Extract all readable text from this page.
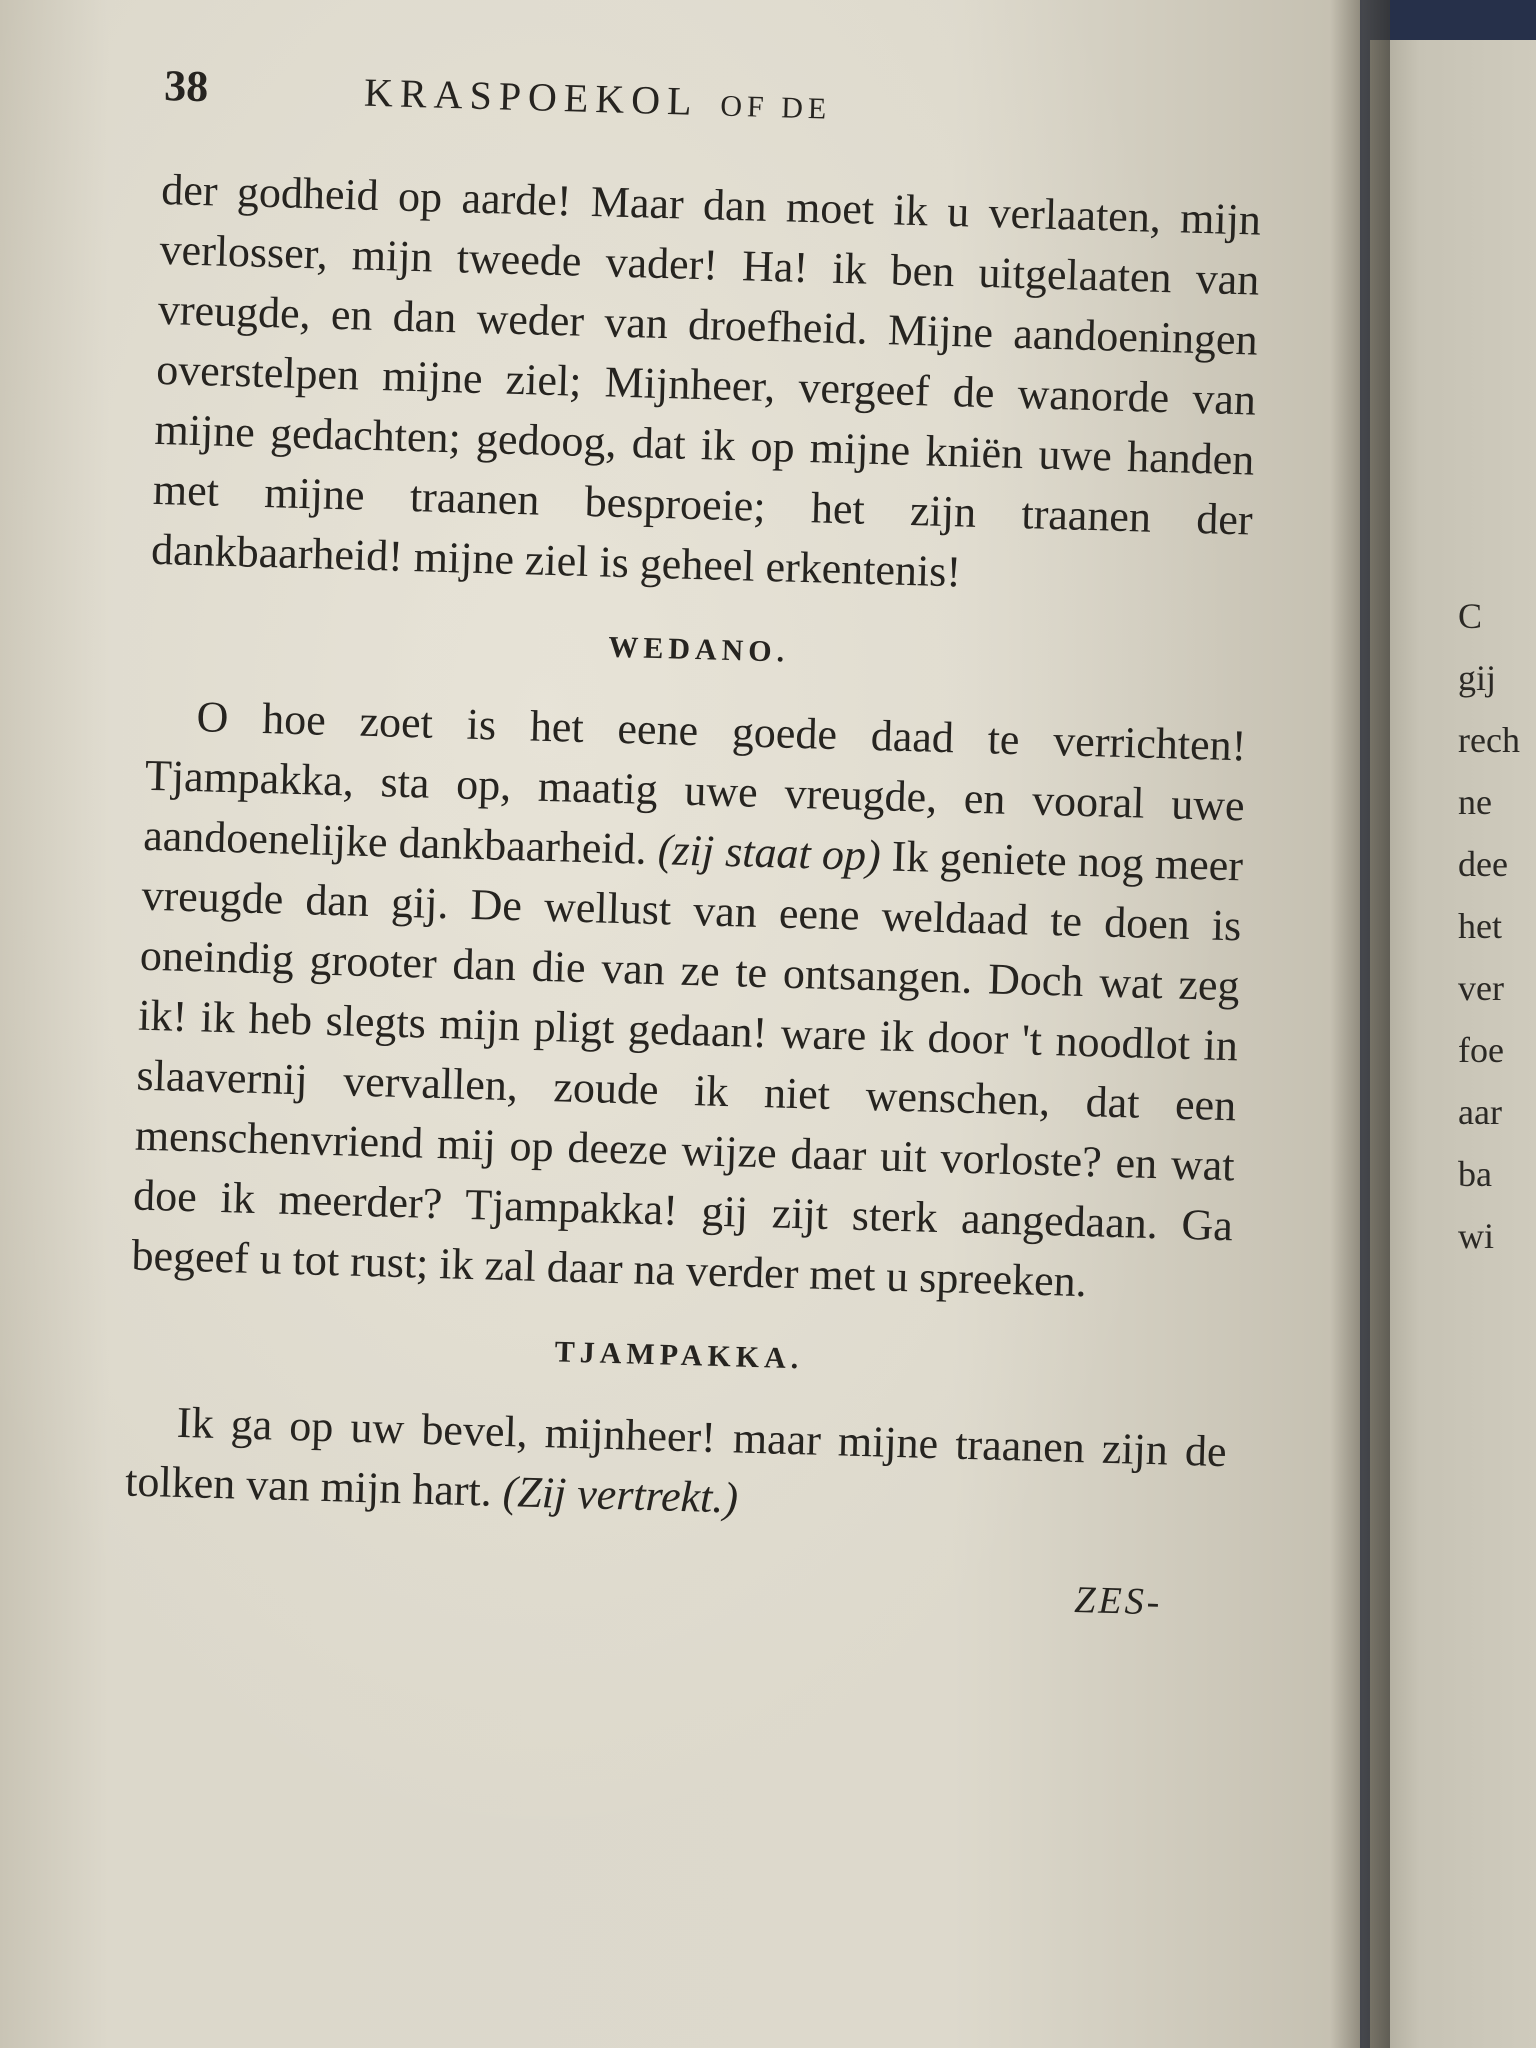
38	KRASPOEKOL OF DE

der godheid op aarde! Maar dan moet ik u verlaaten, mijn verlosser, mijn tweede vader! Ha! ik ben uitgelaaten van vreugde, en dan weder van droefheid. Mijne aandoeningen overstelpen mijne ziel; Mijnheer, vergeef de wanorde van mijne gedachten; gedoog, dat ik op mijne kniën uwe handen met mijne traanen besproeie; het zijn traanen der dankbaarheid! mijne ziel is geheel erkentenis!

WEDANO.

O hoe zoet is het eene goede daad te verrichten! Tjampakka, sta op, maatig uwe vreugde, en vooral uwe aandoenelijke dankbaarheid. (zij staat op) Ik geniete nog meer vreugde dan gij. De wellust van eene weldaad te doen is oneindig grooter dan die van ze te ontsangen. Doch wat zeg ik! ik heb slegts mijn pligt gedaan! ware ik door 't noodlot in slaavernij vervallen, zoude ik niet wenschen, dat een menschenvriend mij op deeze wijze daar uit vorloste? en wat doe ik meerder? Tjampakka! gij zijt sterk aangedaan. Ga begeef u tot rust; ik zal daar na verder met u spreeken.

TJAMPAKKA.

Ik ga op uw bevel, mijnheer! maar mijne traanen zijn de tolken van mijn hart. (Zij vertrekt.)

ZES-
C
gij
rech
ne
dee
het
ver
foe
aar
ba
wi
